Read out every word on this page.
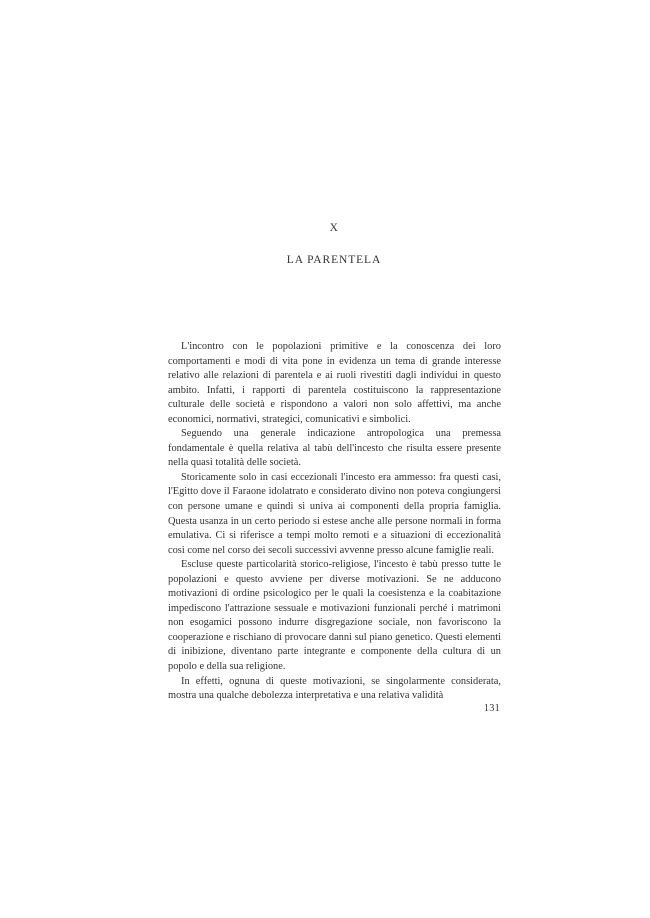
X
LA PARENTELA

L'incontro con le popolazioni primitive e la conoscenza dei loro comportamenti e modi di vita pone in evidenza un tema di grande interesse relativo alle relazioni di parentela e ai ruoli rivestiti dagli individui in questo ambito. Infatti, i rapporti di parentela costituiscono la rappresentazione culturale delle società e rispondono a valori non solo affettivi, ma anche economici, normativi, strategici, comunicativi e simbolici.

Seguendo una generale indicazione antropologica una premessa fondamentale è quella relativa al tabù dell'incesto che risulta essere presente nella quasi totalità delle società.

Storicamente solo in casi eccezionali l'incesto era ammesso: fra questi casi, l'Egitto dove il Faraone idolatrato e considerato divino non poteva congiungersi con persone umane e quindi si univa ai componenti della propria famiglia. Questa usanza in un certo periodo si estese anche alle persone normali in forma emulativa. Ci si riferisce a tempi molto remoti e a situazioni di eccezionalità così come nel corso dei secoli successivi avvenne presso alcune famiglie reali.

Escluse queste particolarità storico-religiose, l'incesto è tabù presso tutte le popolazioni e questo avviene per diverse motivazioni. Se ne adducono motivazioni di ordine psicologico per le quali la coesistenza e la coabitazione impediscono l'attrazione sessuale e motivazioni funzionali perché i matrimoni non esogamici possono indurre disgregazione sociale, non favoriscono la cooperazione e rischiano di provocare danni sul piano genetico. Questi elementi di inibizione, diventano parte integrante e componente della cultura di un popolo e della sua religione.

In effetti, ognuna di queste motivazioni, se singolarmente considerata, mostra una qualche debolezza interpretativa e una relativa validità

131
